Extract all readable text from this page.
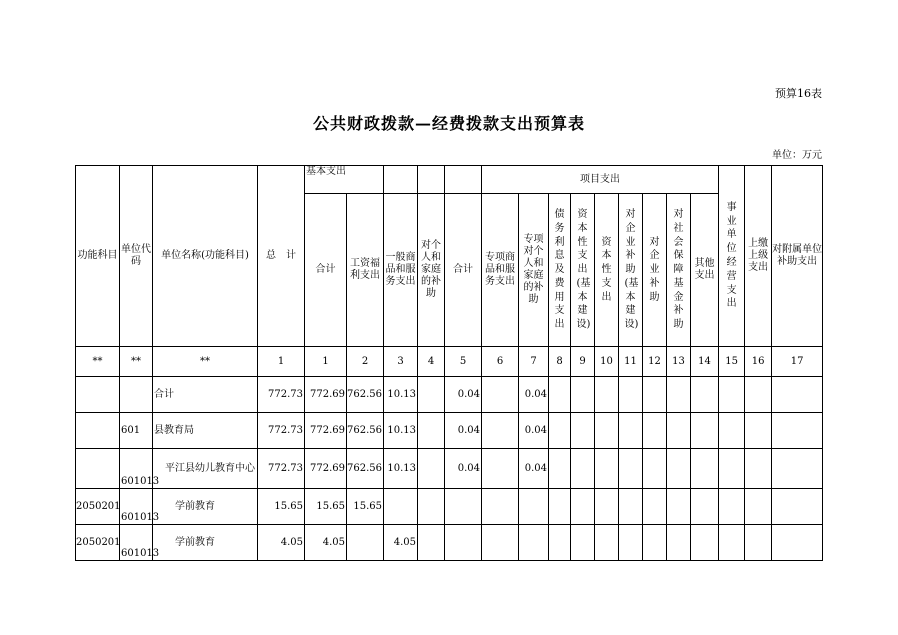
预算16表
公共财政拨款—经费拨款支出预算表
单位：万元
功能科目	单位代码	单位名称(功能科目)	总　计	基本支出					项目支出									事业单位经营支出	上缴上级支出	对附属单位补助支出
				合计	工资福利支出	一般商品和服务支出	对个人和家庭的补助	合计	专项商品和服务支出	专项对个人和家庭的补助	债务利息及费用支出	资本性支出(基本建设)	资本性支出	对企业补助(基本建设)	对企业补助	对社会保障基金补助	其他支出			
**	**	**	1	1	2	3	4	5	6	7	8	9	10	11	12	13	14	15	16	17
		合计	772.73	772.69	762.56	10.13		0.04		0.04										
	601	县教育局	772.73	772.69	762.56	10.13		0.04		0.04										
	601013	平江县幼儿教育中心	772.73	772.69	762.56	10.13		0.04		0.04										
2050201	601013	学前教育	15.65	15.65	15.65															
2050201	601013	学前教育	4.05	4.05		4.05														
